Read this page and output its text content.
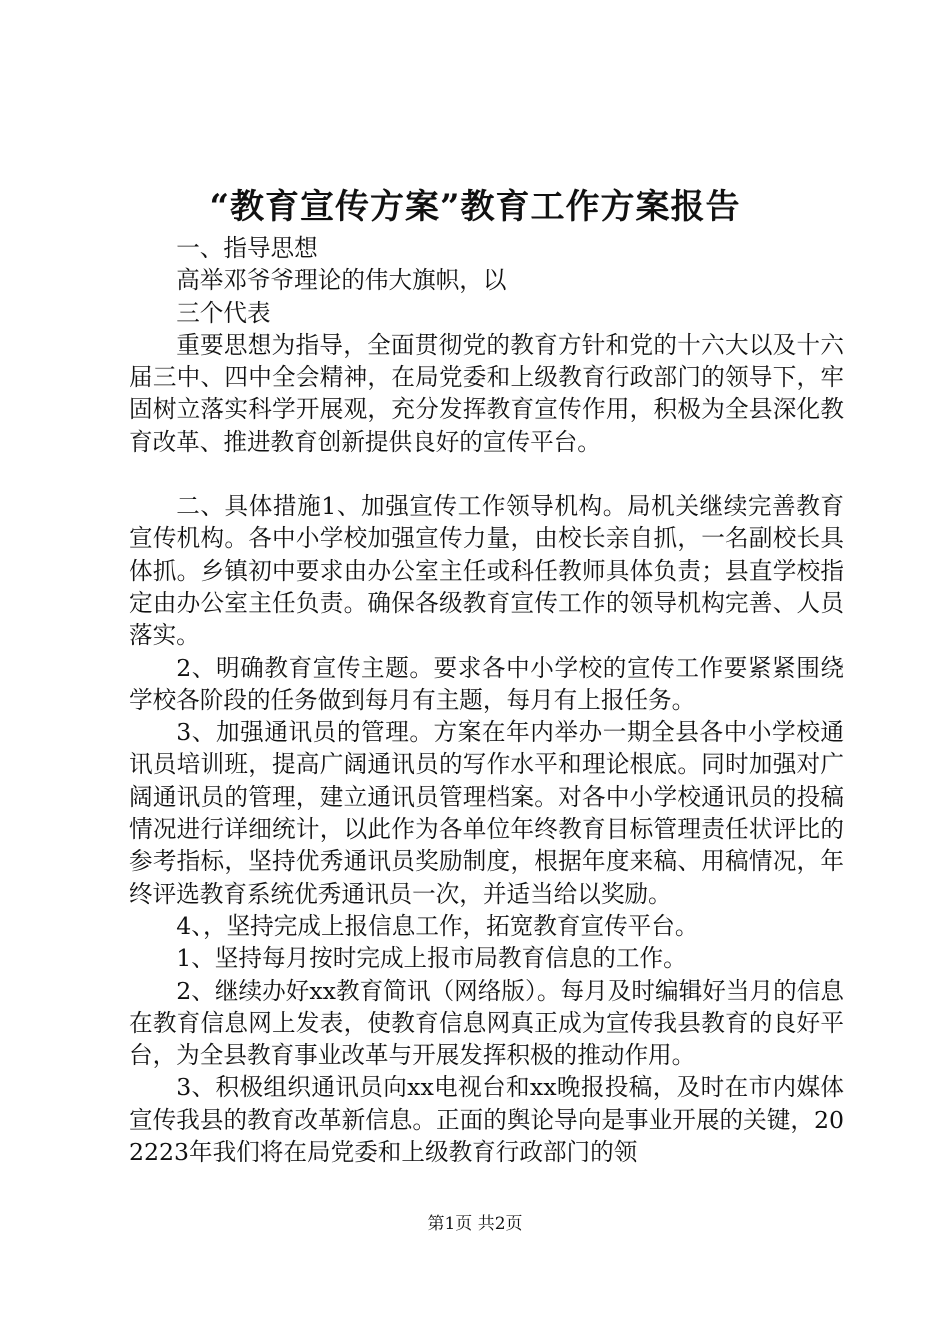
“教育宣传方案”教育工作方案报告

一、指导思想

高举邓爷爷理论的伟大旗帜，以

三个代表

重要思想为指导，全面贯彻党的教育方针和党的十六大以及十六届三中、四中全会精神，在局党委和上级教育行政部门的领导下，牢固树立落实科学开展观，充分发挥教育宣传作用，积极为全县深化教育改革、推进教育创新提供良好的宣传平台。

二、具体措施1、加强宣传工作领导机构。局机关继续完善教育宣传机构。各中小学校加强宣传力量，由校长亲自抓，一名副校长具体抓。乡镇初中要求由办公室主任或科任教师具体负责；县直学校指定由办公室主任负责。确保各级教育宣传工作的领导机构完善、人员落实。

2、明确教育宣传主题。要求各中小学校的宣传工作要紧紧围绕学校各阶段的任务做到每月有主题，每月有上报任务。

3、加强通讯员的管理。方案在年内举办一期全县各中小学校通讯员培训班，提高广阔通讯员的写作水平和理论根底。同时加强对广阔通讯员的管理，建立通讯员管理档案。对各中小学校通讯员的投稿情况进行详细统计，以此作为各单位年终教育目标管理责任状评比的参考指标，坚持优秀通讯员奖励制度，根据年度来稿、用稿情况，年终评选教育系统优秀通讯员一次，并适当给以奖励。

4、，坚持完成上报信息工作，拓宽教育宣传平台。

1、坚持每月按时完成上报市局教育信息的工作。

2、继续办好xx教育简讯（网络版）。每月及时编辑好当月的信息在教育信息网上发表，使教育信息网真正成为宣传我县教育的良好平台，为全县教育事业改革与开展发挥积极的推动作用。

3、积极组织通讯员向xx电视台和xx晚报投稿，及时在市内媒体宣传我县的教育改革新信息。正面的舆论导向是事业开展的关键，202223年我们将在局党委和上级教育行政部门的领

第1页 共2页
